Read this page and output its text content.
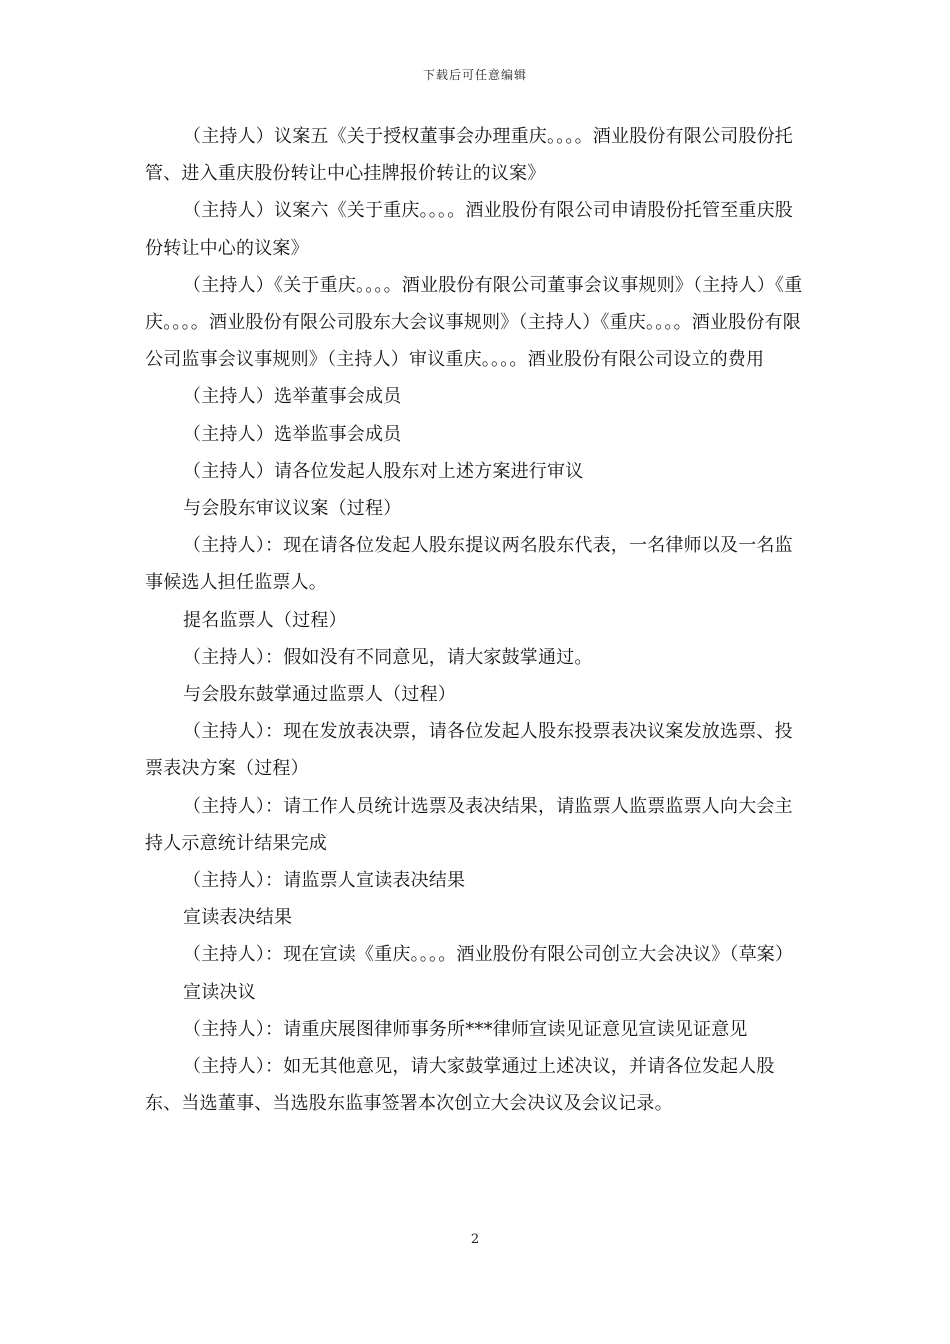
下载后可任意编辑

（主持人）议案五《关于授权董事会办理重庆。。。。酒业股份有限公司股份托管、进入重庆股份转让中心挂牌报价转让的议案》

（主持人）议案六《关于重庆。。。。酒业股份有限公司申请股份托管至重庆股份转让中心的议案》

（主持人）《关于重庆。。。。酒业股份有限公司董事会议事规则》（主持人）《重庆。。。。酒业股份有限公司股东大会议事规则》（主持人）《重庆。。。。酒业股份有限公司监事会议事规则》（主持人）审议重庆。。。。酒业股份有限公司设立的费用

（主持人）选举董事会成员

（主持人）选举监事会成员

（主持人）请各位发起人股东对上述方案进行审议

与会股东审议议案（过程）

（主持人）：现在请各位发起人股东提议两名股东代表，一名律师以及一名监事候选人担任监票人。

提名监票人（过程）

（主持人）：假如没有不同意见，请大家鼓掌通过。

与会股东鼓掌通过监票人（过程）

（主持人）：现在发放表决票，请各位发起人股东投票表决议案发放选票、投票表决方案（过程）

（主持人）：请工作人员统计选票及表决结果，请监票人监票监票人向大会主持人示意统计结果完成

（主持人）：请监票人宣读表决结果

宣读表决结果

（主持人）：现在宣读《重庆。。。。酒业股份有限公司创立大会决议》（草案）

宣读决议

（主持人）：请重庆展图律师事务所***律师宣读见证意见宣读见证意见

（主持人）：如无其他意见，请大家鼓掌通过上述决议，并请各位发起人股东、当选董事、当选股东监事签署本次创立大会决议及会议记录。

2
